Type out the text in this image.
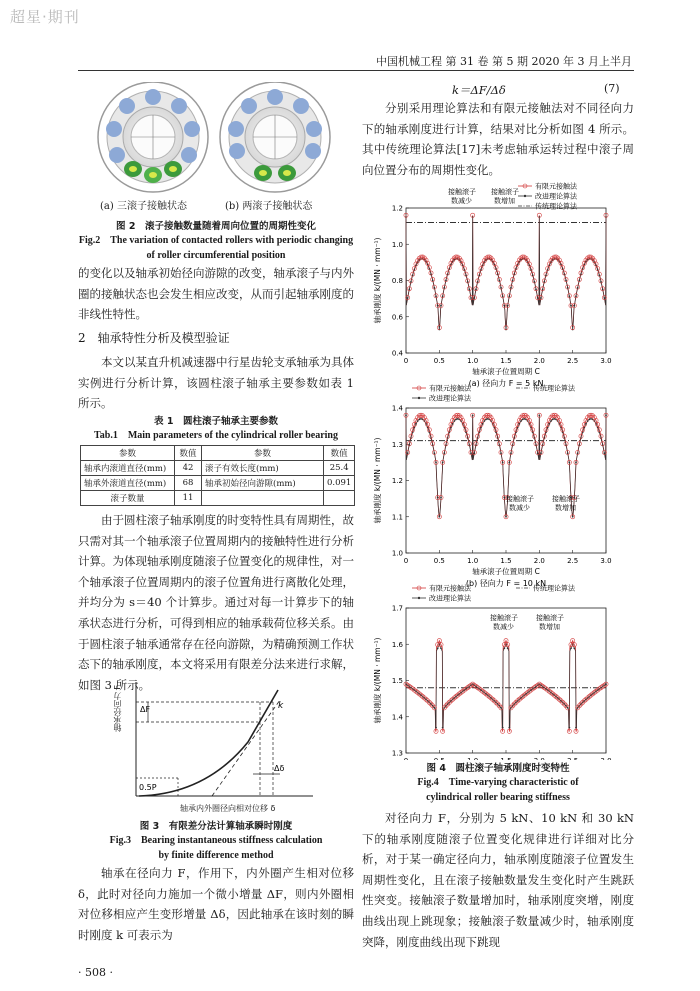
超星·期刊
中国机械工程 第 31 卷 第 5 期 2020 年 3 月上半月
(a) 三滚子接触状态	(b) 两滚子接触状态
图 2　滚子接触数量随着周向位置的周期性变化
Fig.2　The variation of contacted rollers with periodic changing
of roller circumferential position
的变化以及轴承初始径向游隙的改变，轴承滚子与内外圈的接触状态也会发生相应改变，从而引起轴承刚度的非线性特性。
2　轴承特性分析及模型验证
本文以某直升机减速器中行星齿轮支承轴承为具体实例进行分析计算，该圆柱滚子轴承主要参数如表 1 所示。
表 1　圆柱滚子轴承主要参数
Tab.1　Main parameters of the cylindrical roller bearing
参数	数值	参数	数值
轴承内滚道直径(mm)	42	滚子有效长度(mm)	25.4
轴承外滚道直径(mm)	68	轴承初始径向游隙(mm)	0.091
滚子数量	11		
由于圆柱滚子轴承刚度的时变特性具有周期性，故只需对其一个轴承滚子位置周期内的接触特性进行分析计算。为体现轴承刚度随滚子位置变化的规律性，对一个轴承滚子位置周期内的滚子位置角进行离散化处理，并均分为 s＝40 个计算步。通过对每一计算步下的轴承状态进行分析，可得到相应的轴承载荷位移关系。由于圆柱滚子轴承通常存在径向游隙，为精确预测工作状态下的轴承刚度，本文将采用有限差分法来进行求解，如图 3 所示。
ΔF
Δδ
k
0.5P
轴承径向力 F
轴承内外圈径向相对位移 δ
图 3　有限差分法计算轴承瞬时刚度
Fig.3　Bearing instantaneous stiffness calculation
by finite difference method
轴承在径向力 F，作用下，内外圈产生相对位移 δ，此时对径向力施加一个微小增量 ΔF，则内外圈相对位移相应产生变形增量 Δδ，因此轴承在该时刻的瞬时刚度 k 可表示为
· 508 ·
k＝ΔF/Δδ	(7)
分别采用理论算法和有限元接触法对不同径向力下的轴承刚度进行计算，结果对比分析如图 4 所示。其中传统理论算法[17]未考虑轴承运转过程中滚子周向位置分布的周期性变化。
0.4
0.6
0.8
1.0
1.2
0	0.5	1.0	1.5	2.0	2.5	3.0
轴承滚子位置周期 C
轴承刚度 k/(MN · mm⁻¹)
(a) 径向力 F = 5 kN
有限元接触法
改进理论算法
传统理论算法
接触滚子
数减少
接触滚子
数增加
1.0
1.1
1.2
1.3
1.4
0	0.5	1.0	1.5	2.0	2.5	3.0
轴承滚子位置周期 C
轴承刚度 k/(MN · mm⁻¹)
(b) 径向力 F = 10 kN
有限元接触法
改进理论算法
传统理论算法
接触滚子
数减少
接触滚子
数增加
1.3
1.4
1.5
1.6
1.7
轴承刚度 k/(MN · mm⁻¹)
有限元接触法
改进理论算法
传统理论算法
接触滚子
数减少
接触滚子
数增加
图 4　圆柱滚子轴承刚度时变特性
Fig.4　Time-varying characteristic of
cylindrical roller bearing stiffness
对径向力 F，分别为 5 kN、10 kN 和 30 kN 下的轴承刚度随滚子位置变化规律进行详细对比分析，对于某一确定径向力，轴承刚度随滚子位置发生周期性变化，且在滚子接触数量发生变化时产生跳跃性突变。接触滚子数量增加时，轴承刚度突增，刚度曲线出现上跳现象；接触滚子数量减少时，轴承刚度突降，刚度曲线出现下跳现
